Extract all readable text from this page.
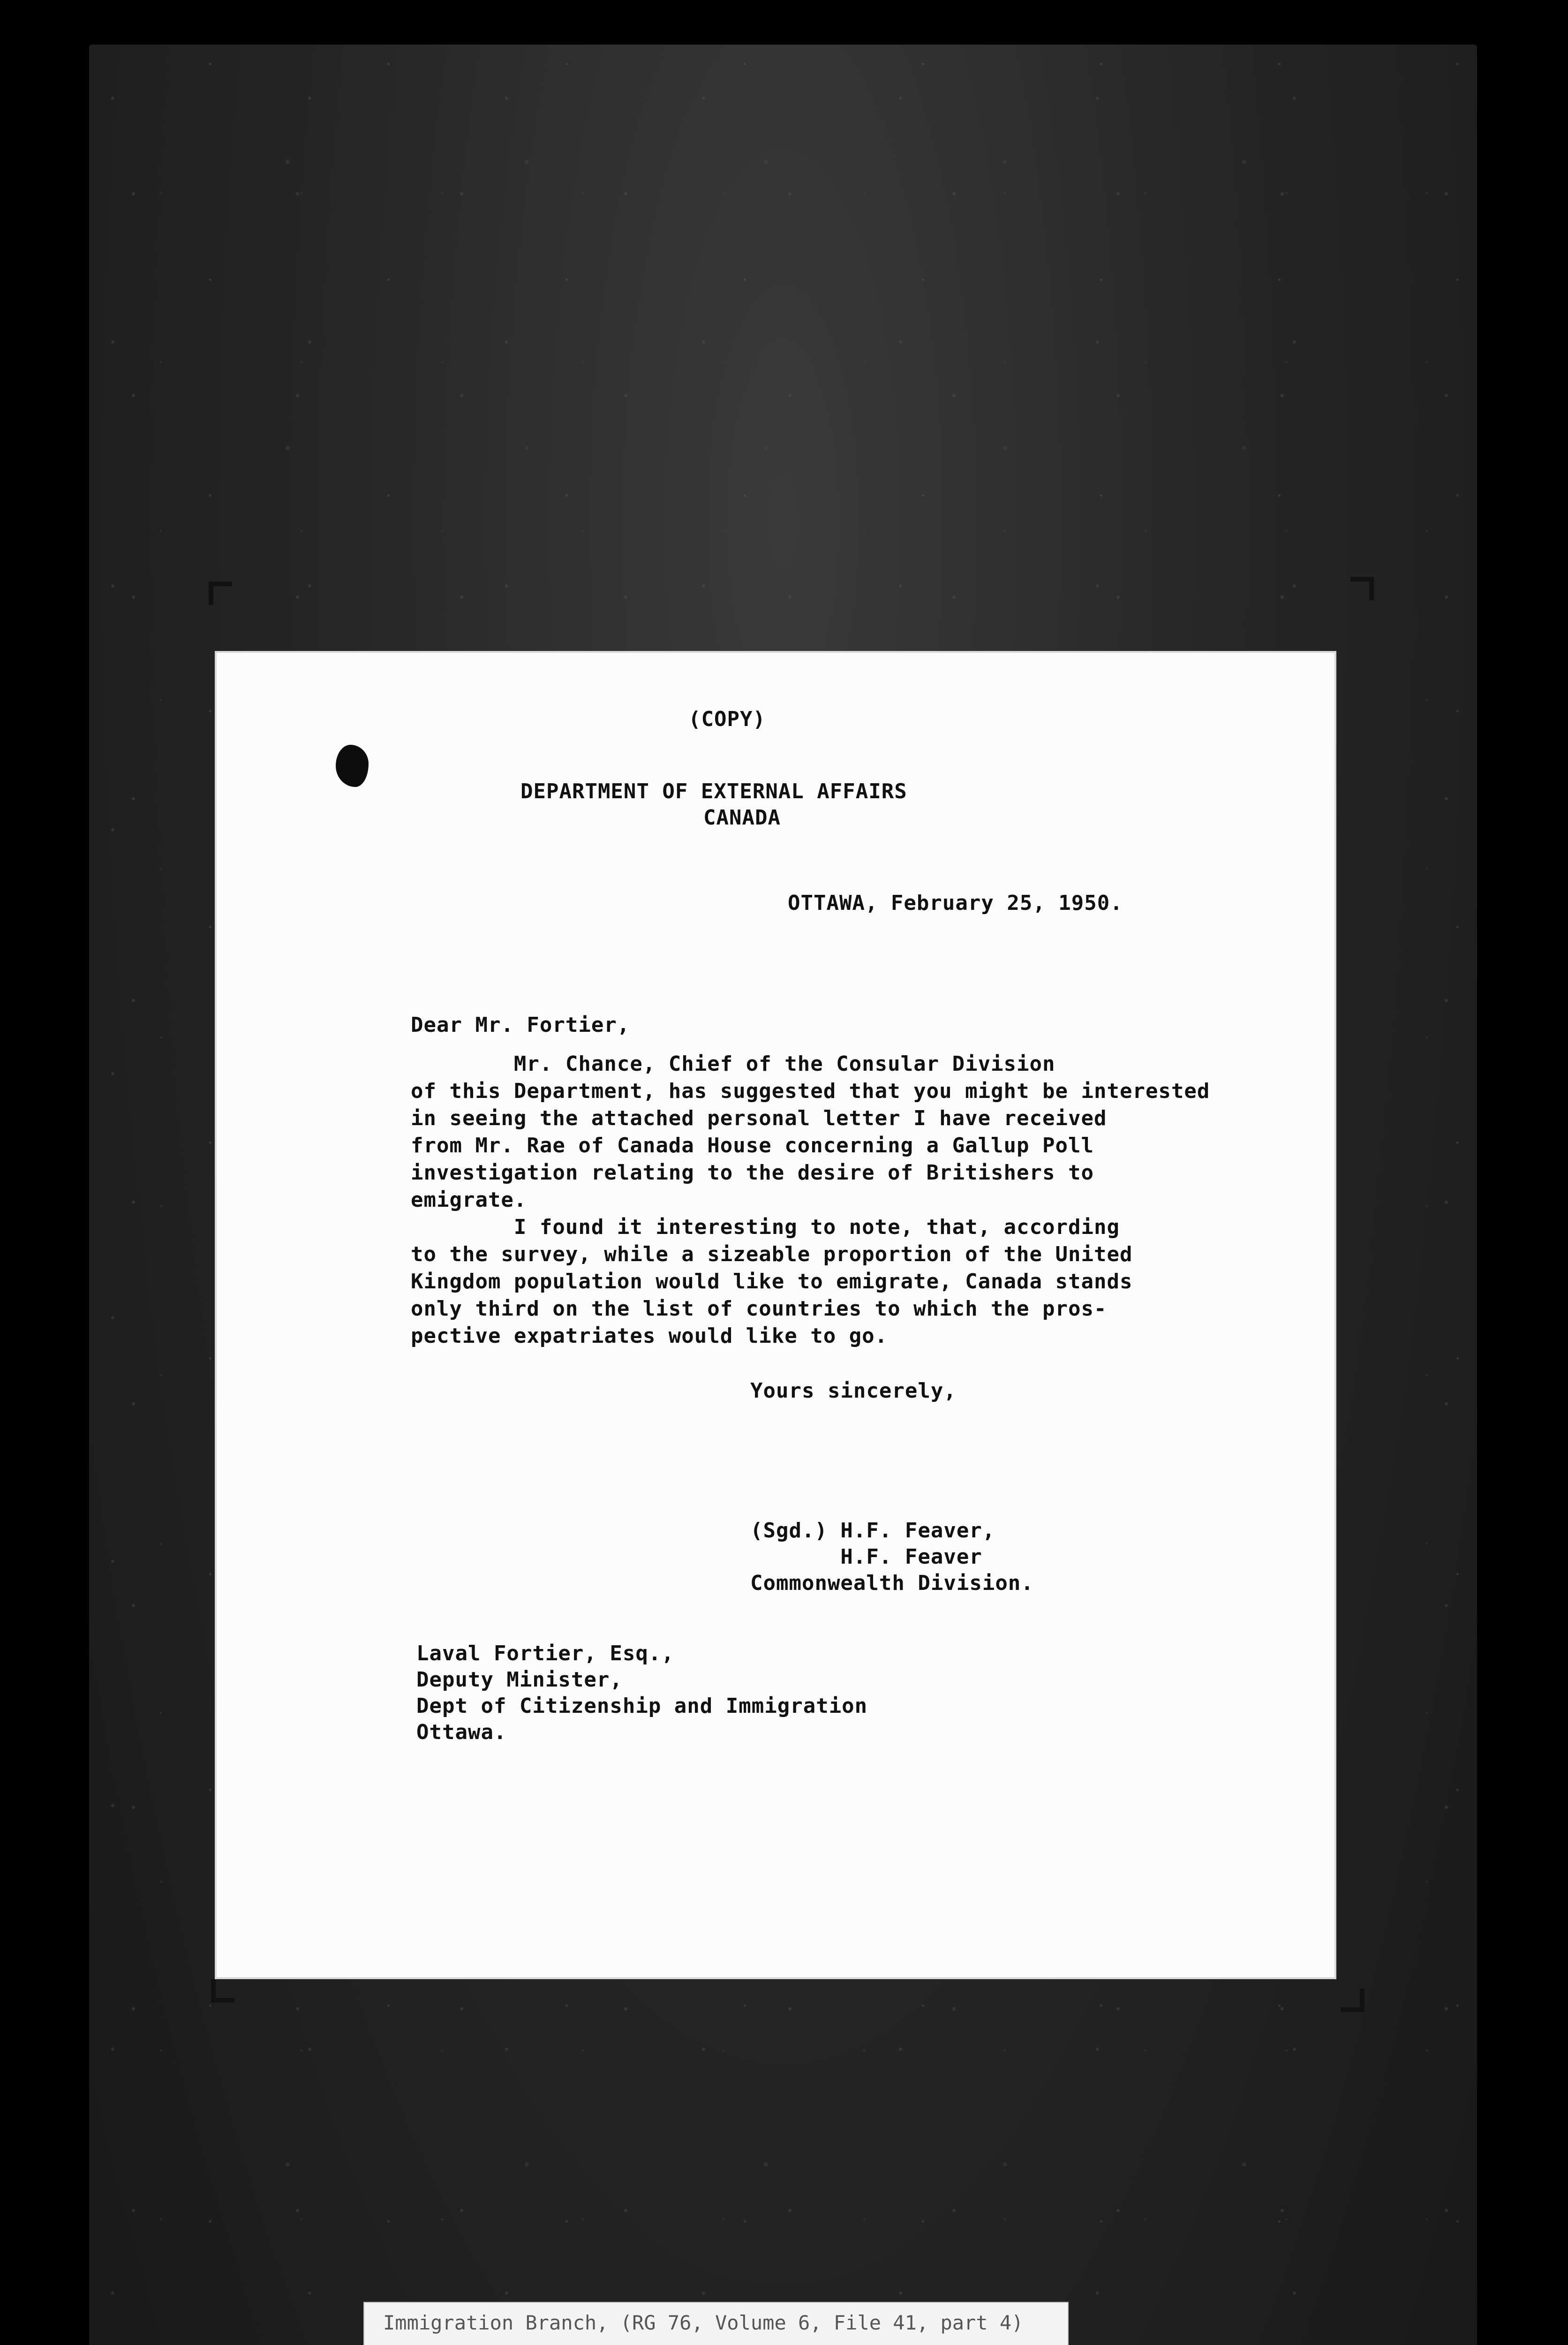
(COPY)
DEPARTMENT OF EXTERNAL AFFAIRS
CANADA
OTTAWA, February 25, 1950.
Dear Mr. Fortier,
Mr. Chance, Chief of the Consular Division
of this Department, has suggested that you might be interested
in seeing the attached personal letter I have received
from Mr. Rae of Canada House concerning a Gallup Poll
investigation relating to the desire of Britishers to
emigrate.
I found it interesting to note, that, according
to the survey, while a sizeable proportion of the United
Kingdom population would like to emigrate, Canada stands
only third on the list of countries to which the pros-
pective expatriates would like to go.
Yours sincerely,
(Sgd.) H.F. Feaver,
H.F. Feaver
Commonwealth Division.
Laval Fortier, Esq.,
Deputy Minister,
Dept of Citizenship and Immigration
Ottawa.
Immigration Branch, (RG 76, Volume 6, File 41, part 4)
